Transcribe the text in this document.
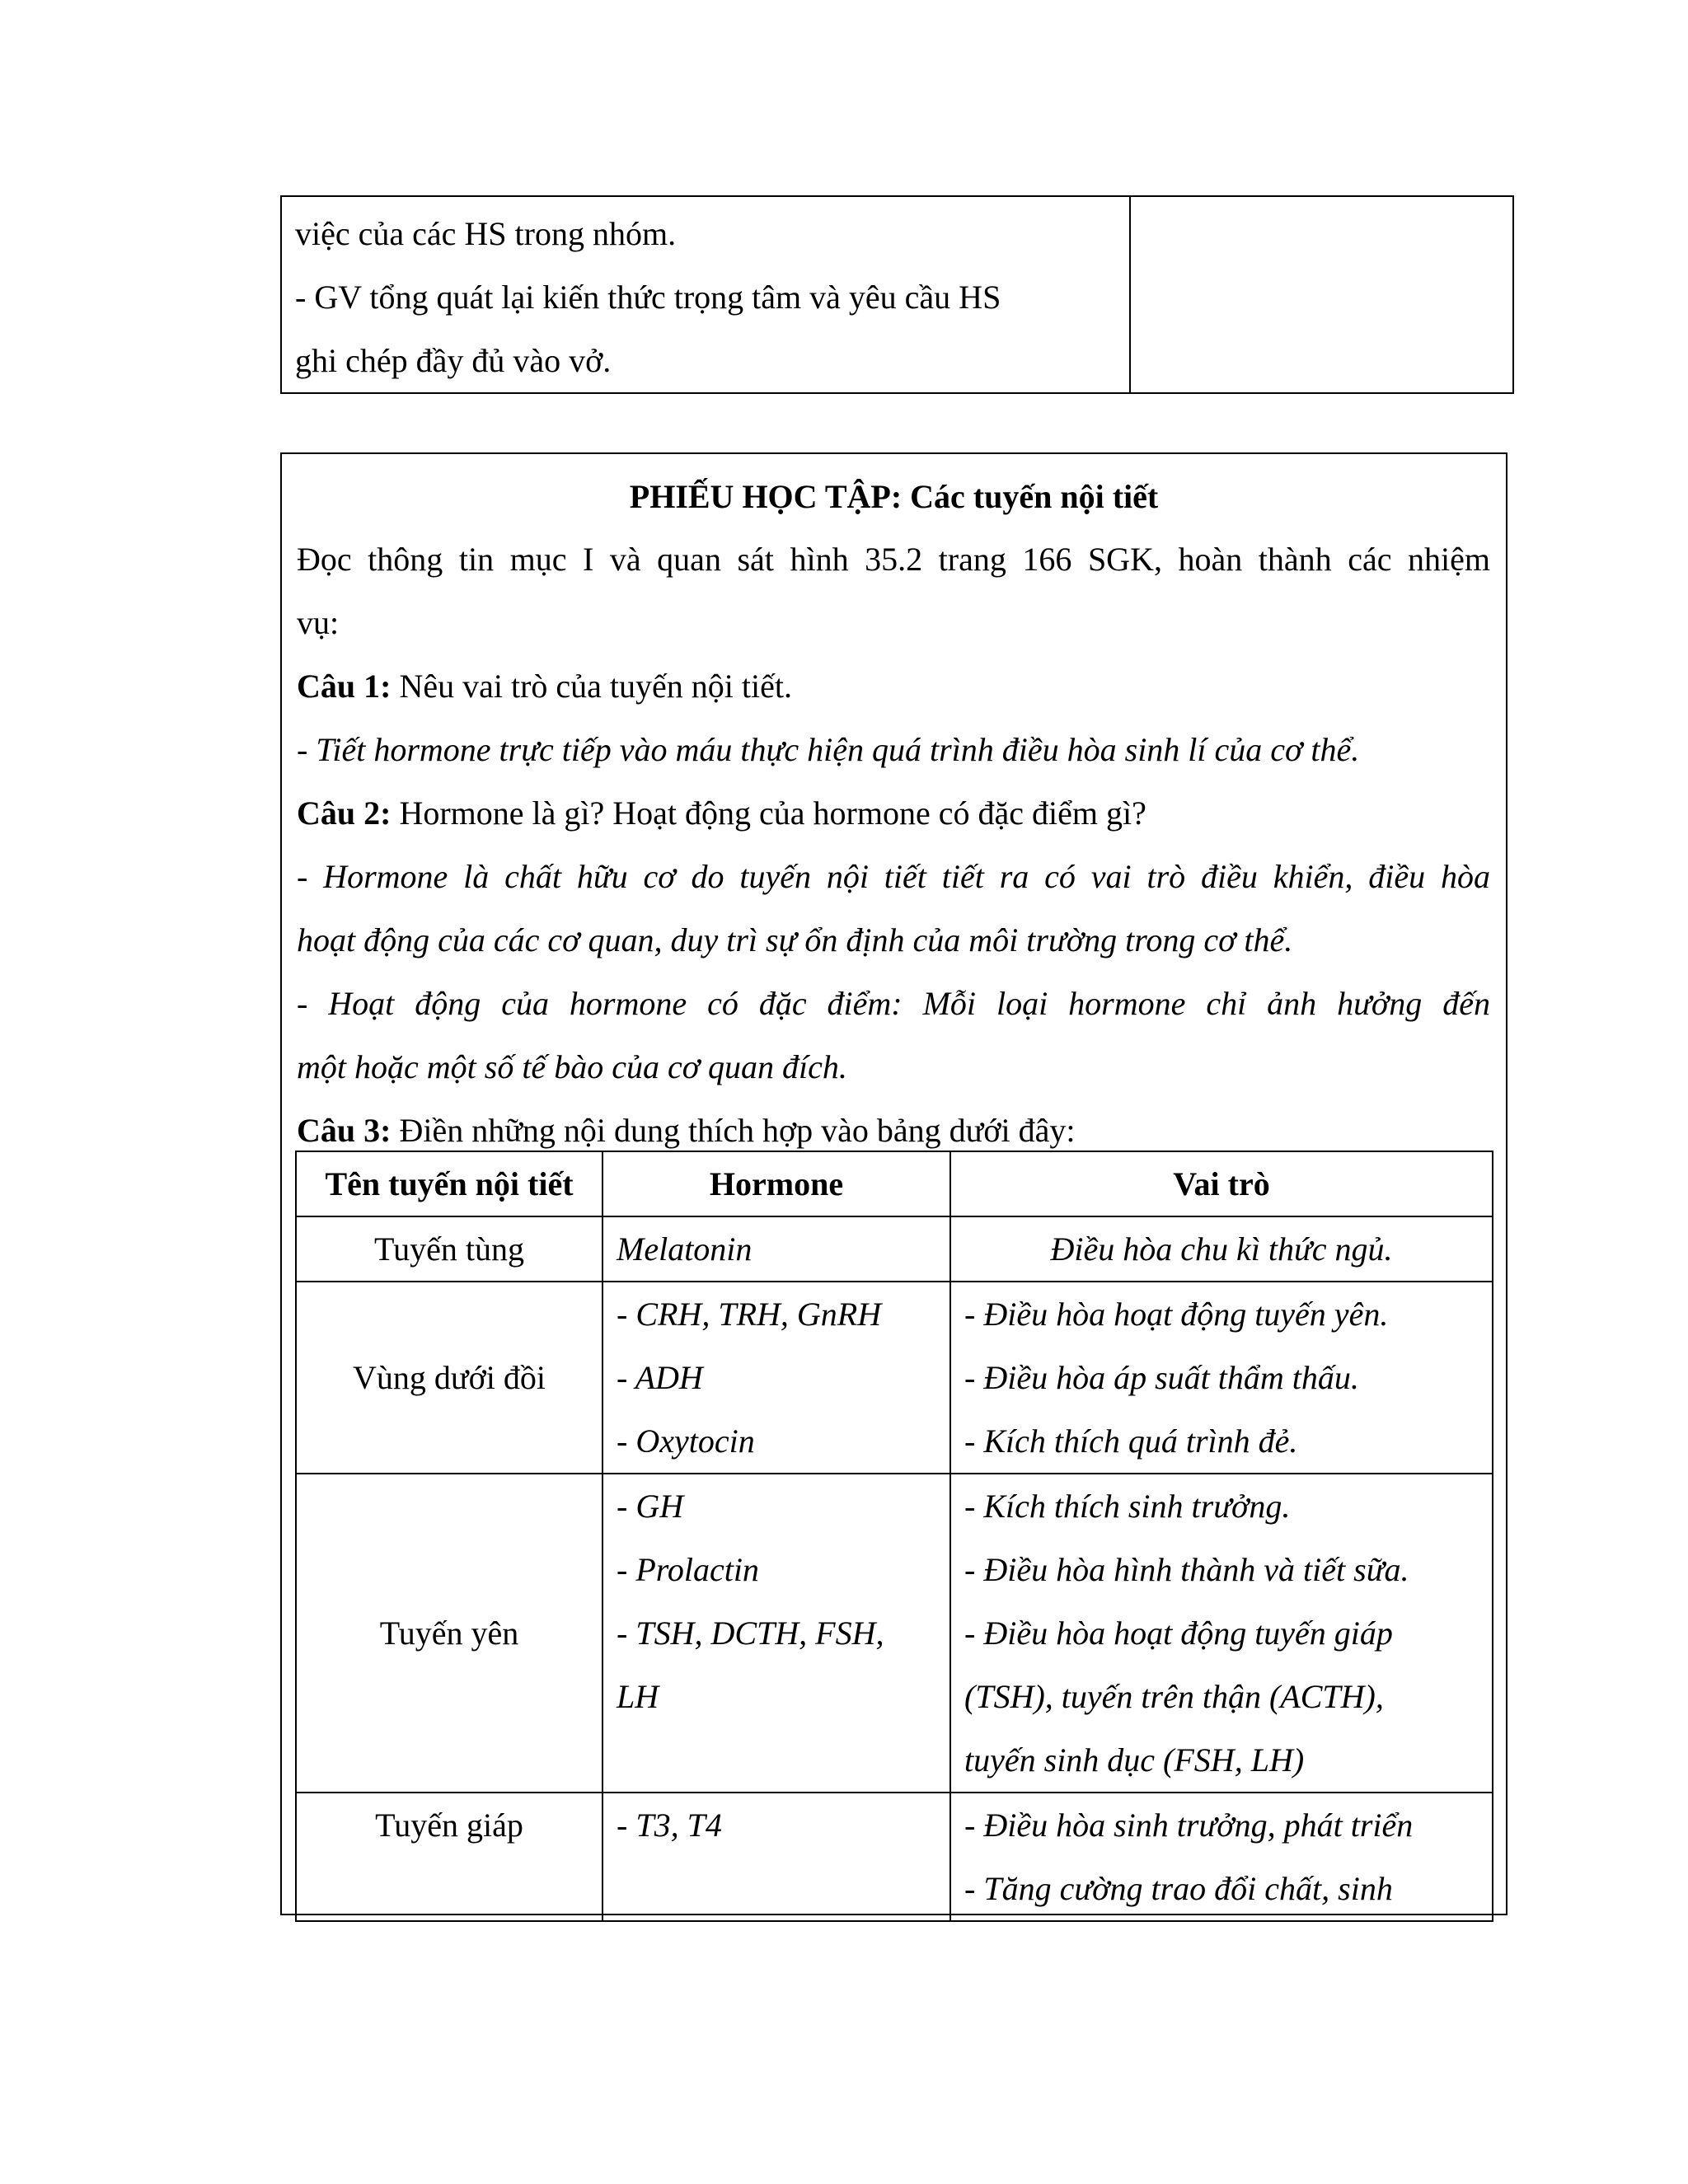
việc của các HS trong nhóm.
- GV tổng quát lại kiến thức trọng tâm và yêu cầu HS
ghi chép đầy đủ vào vở.

PHIẾU HỌC TẬP: Các tuyến nội tiết
Đọc thông tin mục I và quan sát hình 35.2 trang 166 SGK, hoàn thành các nhiệm
vụ:
Câu 1: Nêu vai trò của tuyến nội tiết.
- Tiết hormone trực tiếp vào máu thực hiện quá trình điều hòa sinh lí của cơ thể.
Câu 2: Hormone là gì? Hoạt động của hormone có đặc điểm gì?
- Hormone là chất hữu cơ do tuyến nội tiết tiết ra có vai trò điều khiển, điều hòa
hoạt động của các cơ quan, duy trì sự ổn định của môi trường trong cơ thể.
- Hoạt động của hormone có đặc điểm: Mỗi loại hormone chỉ ảnh hưởng đến
một hoặc một số tế bào của cơ quan đích.
Câu 3: Điền những nội dung thích hợp vào bảng dưới đây:
Tên tuyến nội tiết	Hormone	Vai trò

Tuyến tùng	Melatonin	Điều hòa chu kì thức ngủ.

Vùng dưới đồi	- CRH, TRH, GnRH
- ADH
- Oxytocin	- Điều hòa hoạt động tuyến yên.
- Điều hòa áp suất thẩm thấu.
- Kích thích quá trình đẻ.

Tuyến yên	- GH
- Prolactin
- TSH, DCTH, FSH,
LH	- Kích thích sinh trưởng.
- Điều hòa hình thành và tiết sữa.
- Điều hòa hoạt động tuyến giáp
(TSH), tuyến trên thận (ACTH),
tuyến sinh dục (FSH, LH)

Tuyến giáp	- T3, T4	- Điều hòa sinh trưởng, phát triển
- Tăng cường trao đổi chất, sinh
